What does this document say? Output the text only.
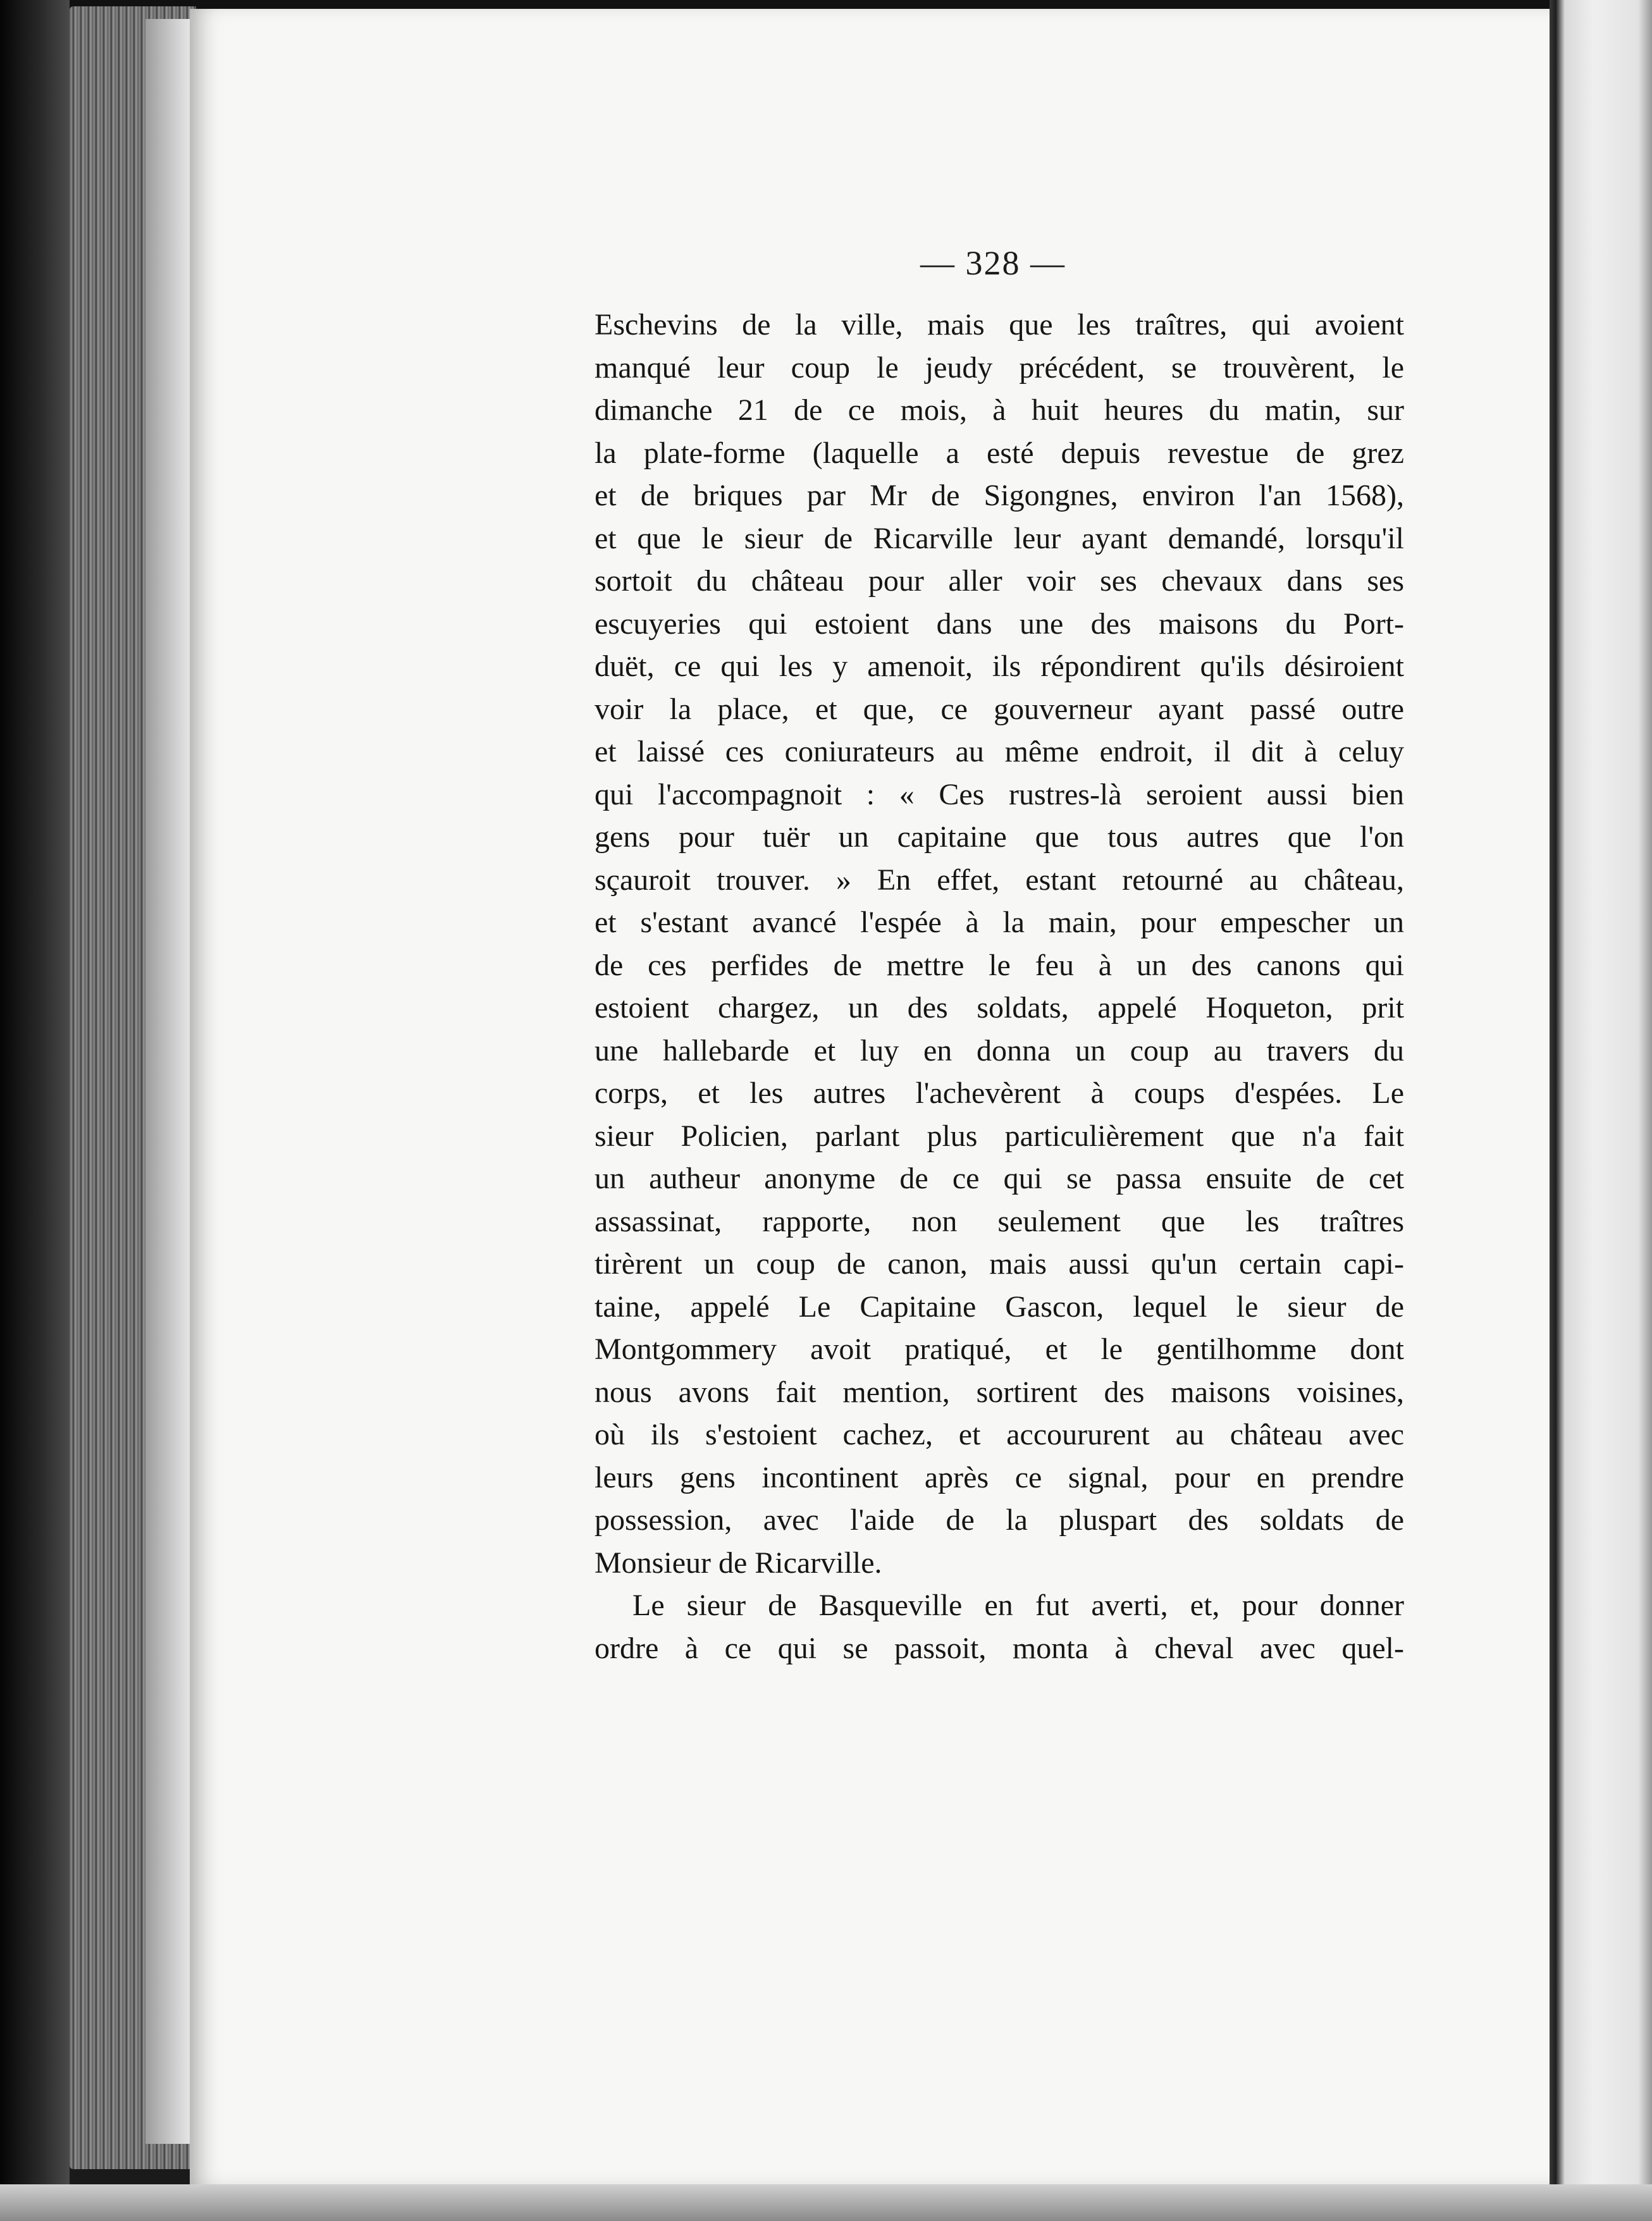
— 328 —
Eschevins de la ville, mais que les traîtres, qui avoient
manqué leur coup le jeudy précédent, se trouvèrent, le
dimanche 21 de ce mois, à huit heures du matin, sur
la plate-forme (laquelle a esté depuis revestue de grez
et de briques par Mr de Sigongnes, environ l'an 1568),
et que le sieur de Ricarville leur ayant demandé, lorsqu'il
sortoit du château pour aller voir ses chevaux dans ses
escuyeries qui estoient dans une des maisons du Port-
duët, ce qui les y amenoit, ils répondirent qu'ils désiroient
voir la place, et que, ce gouverneur ayant passé outre
et laissé ces coniurateurs au même endroit, il dit à celuy
qui l'accompagnoit : « Ces rustres-là seroient aussi bien
gens pour tuër un capitaine que tous autres que l'on
sçauroit trouver. » En effet, estant retourné au château,
et s'estant avancé l'espée à la main, pour empescher un
de ces perfides de mettre le feu à un des canons qui
estoient chargez, un des soldats, appelé Hoqueton, prit
une hallebarde et luy en donna un coup au travers du
corps, et les autres l'achevèrent à coups d'espées. Le
sieur Policien, parlant plus particulièrement que n'a fait
un autheur anonyme de ce qui se passa ensuite de cet
assassinat, rapporte, non seulement que les traîtres
tirèrent un coup de canon, mais aussi qu'un certain capi-
taine, appelé Le Capitaine Gascon, lequel le sieur de
Montgommery avoit pratiqué, et le gentilhomme dont
nous avons fait mention, sortirent des maisons voisines,
où ils s'estoient cachez, et accoururent au château avec
leurs gens incontinent après ce signal, pour en prendre
possession, avec l'aide de la pluspart des soldats de
Monsieur de Ricarville.
Le sieur de Basqueville en fut averti, et, pour donner
ordre à ce qui se passoit, monta à cheval avec quel-
